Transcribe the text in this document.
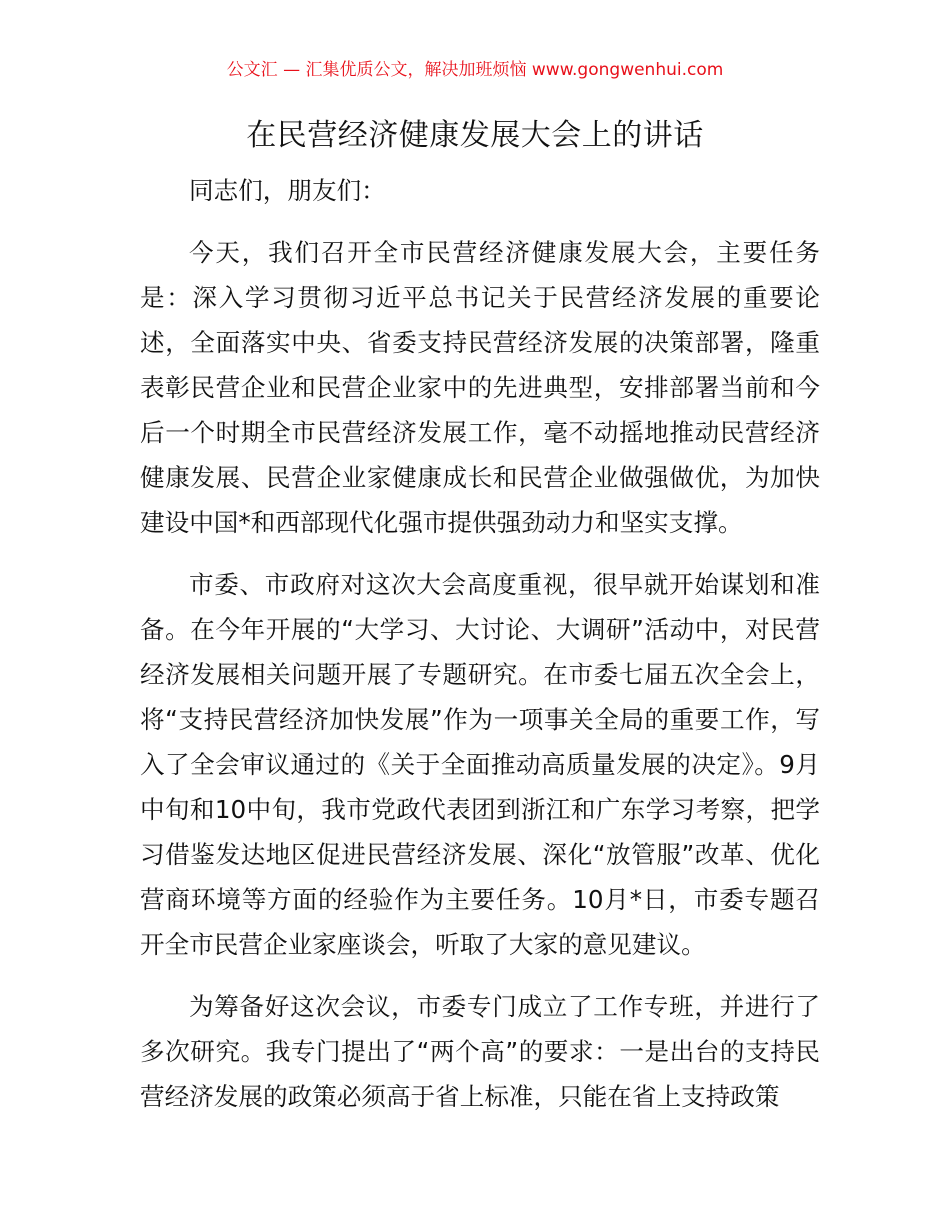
公文汇 — 汇集优质公文，解决加班烦恼 www.gongwenhui.com
在民营经济健康发展大会上的讲话

同志们，朋友们：

今天，我们召开全市民营经济健康发展大会，主要任务是：深入学习贯彻习近平总书记关于民营经济发展的重要论述，全面落实中央、省委支持民营经济发展的决策部署，隆重表彰民营企业和民营企业家中的先进典型，安排部署当前和今后一个时期全市民营经济发展工作，毫不动摇地推动民营经济健康发展、民营企业家健康成长和民营企业做强做优，为加快建设中国*和西部现代化强市提供强劲动力和坚实支撑。

市委、市政府对这次大会高度重视，很早就开始谋划和准备。在今年开展的“大学习、大讨论、大调研”活动中，对民营经济发展相关问题开展了专题研究。在市委七届五次全会上，将“支持民营经济加快发展”作为一项事关全局的重要工作，写入了全会审议通过的《关于全面推动高质量发展的决定》。9月中旬和10中旬，我市党政代表团到浙江和广东学习考察，把学习借鉴发达地区促进民营经济发展、深化“放管服”改革、优化营商环境等方面的经验作为主要任务。10月*日，市委专题召开全市民营企业家座谈会，听取了大家的意见建议。

为筹备好这次会议，市委专门成立了工作专班，并进行了多次研究。我专门提出了“两个高”的要求：一是出台的支持民营经济发展的政策必须高于省上标准，只能在省上支持政策
